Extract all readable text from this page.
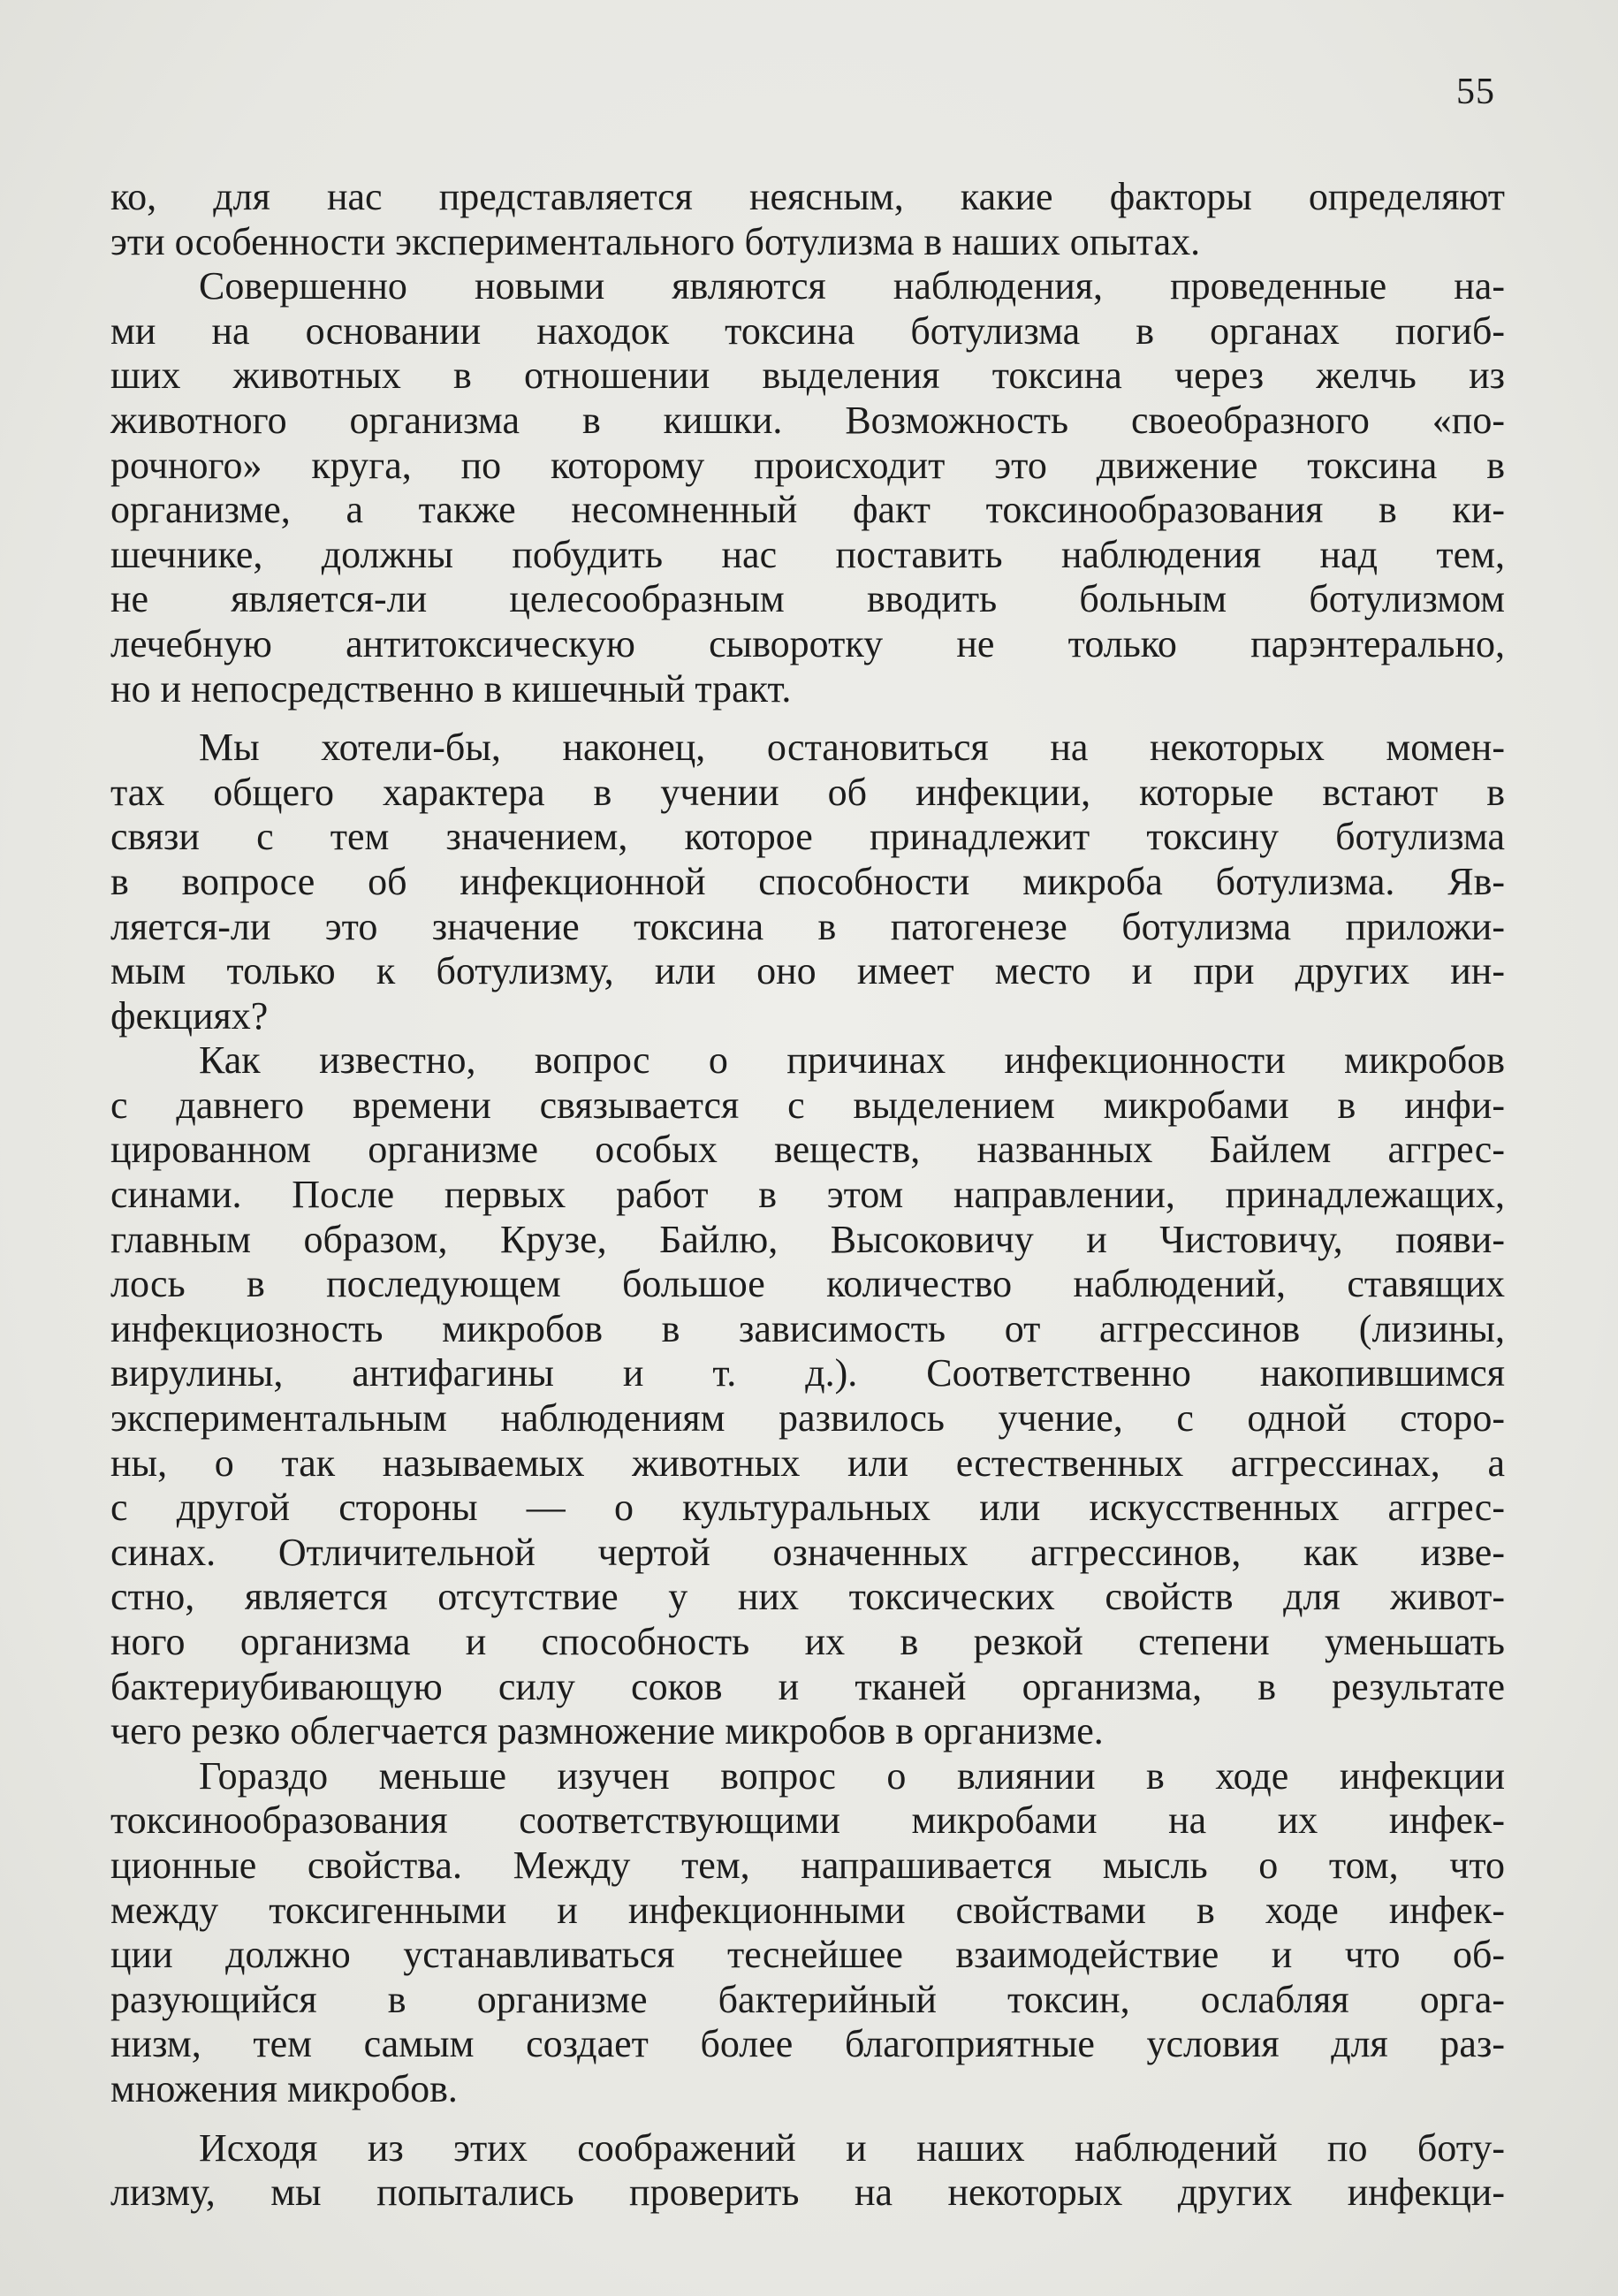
55
ко, для нас представляется неясным, какие факторы определяют
эти особенности экспериментального ботулизма в наших опытах.
Совершенно новыми являются наблюдения, проведенные на-
ми на основании находок токсина ботулизма в органах погиб-
ших животных в отношении выделения токсина через желчь из
животного организма в кишки. Возможность своеобразного «по-
рочного» круга, по которому происходит это движение токсина в
организме, а также несомненный факт токсинообразования в ки-
шечнике, должны побудить нас поставить наблюдения над тем,
не является-ли целесообразным вводить больным ботулизмом
лечебную антитоксическую сыворотку не только парэнтерально,
но и непосредственно в кишечный тракт.
Мы хотели-бы, наконец, остановиться на некоторых момен-
тах общего характера в учении об инфекции, которые встают в
связи с тем значением, которое принадлежит токсину ботулизма
в вопросе об инфекционной способности микроба ботулизма. Яв-
ляется-ли это значение токсина в патогенезе ботулизма приложи-
мым только к ботулизму, или оно имеет место и при других ин-
фекциях?
Как известно, вопрос о причинах инфекционности микробов
с давнего времени связывается с выделением микробами в инфи-
цированном организме особых веществ, названных Байлем аггрес-
синами. После первых работ в этом направлении, принадлежащих,
главным образом, Крузе, Байлю, Высоковичу и Чистовичу, появи-
лось в последующем большое количество наблюдений, ставящих
инфекциозность микробов в зависимость от аггрессинов (лизины,
вирулины, антифагины и т. д.). Соответственно накопившимся
экспериментальным наблюдениям развилось учение, с одной сторо-
ны, о так называемых животных или естественных аггрессинах, а
с другой стороны — о культуральных или искусственных аггрес-
синах. Отличительной чертой означенных аггрессинов, как изве-
стно, является отсутствие у них токсических свойств для живот-
ного организма и способность их в резкой степени уменьшать
бактериубивающую силу соков и тканей организма, в результате
чего резко облегчается размножение микробов в организме.
Гораздо меньше изучен вопрос о влиянии в ходе инфекции
токсинообразования соответствующими микробами на их инфек-
ционные свойства. Между тем, напрашивается мысль о том, что
между токсигенными и инфекционными свойствами в ходе инфек-
ции должно устанавливаться теснейшее взаимодействие и что об-
разующийся в организме бактерийный токсин, ослабляя орга-
низм, тем самым создает более благоприятные условия для раз-
множения микробов.
Исходя из этих соображений и наших наблюдений по боту-
лизму, мы попытались проверить на некоторых других инфекци-
